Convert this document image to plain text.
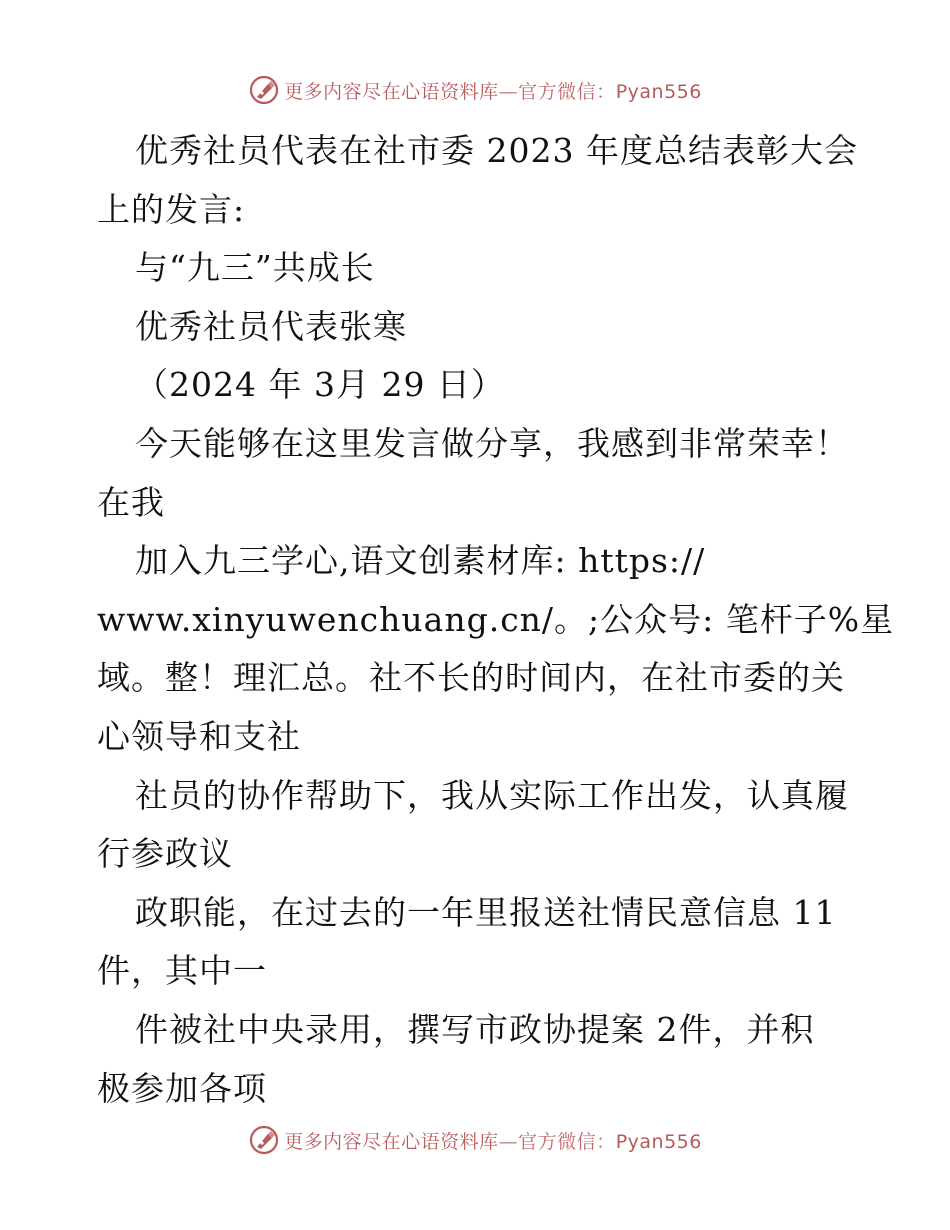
更多内容尽在心语资料库—官方微信：Pyan556
优秀社员代表在社市委 2023 年度总结表彰大会
上的发言:
与“九三”共成长
优秀社员代表张寒
（2024 年 3月 29 日）
今天能够在这里发言做分享，我感到非常荣幸！
在我
加入九三学心,语文创素材库: https://
www.xinyuwenchuang.cn/。;公众号: 笔杆子%星
域。整！理汇总。社不长的时间内，在社市委的关
心领导和支社
社员的协作帮助下，我从实际工作出发，认真履
行参政议
政职能，在过去的一年里报送社情民意信息 11
件，其中一
件被社中央录用，撰写市政协提案 2件，并积
极参加各项
更多内容尽在心语资料库—官方微信：Pyan556
